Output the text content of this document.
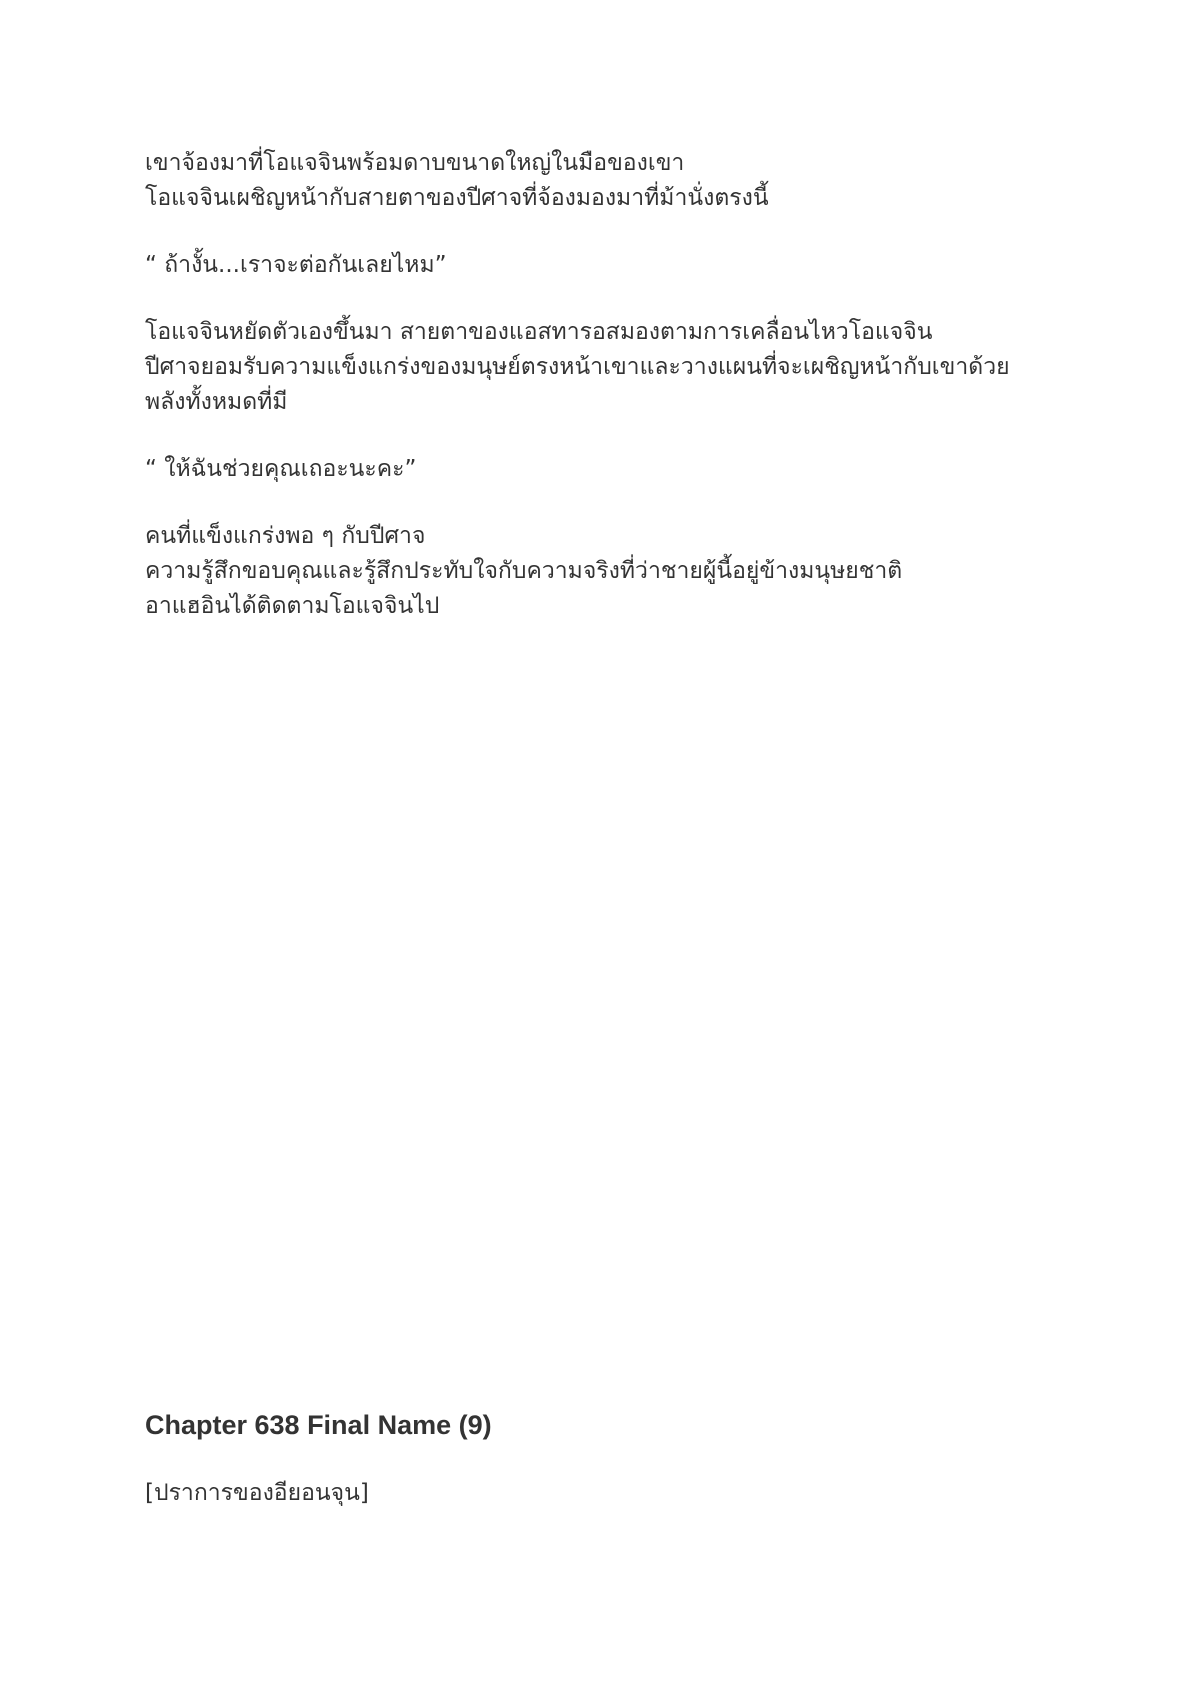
เขาจ้องมาที่โอแจจินพร้อมดาบขนาดใหญ่ในมือของเขา
โอแจจินเผชิญหน้ากับสายตาของปีศาจที่จ้องมองมาที่ม้านั่งตรงนี้

“ ถ้างั้น...เราจะต่อกันเลยไหม”

โอแจจินหยัดตัวเองขึ้นมา สายตาของแอสทารอสมองตามการเคลื่อนไหวโอแจจิน
ปีศาจยอมรับความแข็งแกร่งของมนุษย์ตรงหน้าเขาและวางแผนที่จะเผชิญหน้ากับเขาด้วย
พลังทั้งหมดที่มี

“ ให้ฉันช่วยคุณเถอะนะคะ”

คนที่แข็งแกร่งพอ ๆ กับปีศาจ
ความรู้สึกขอบคุณและรู้สึกประทับใจกับความจริงที่ว่าชายผู้นี้อยู่ข้างมนุษยชาติ
อาแฮอินได้ติดตามโอแจจินไป

Chapter 638 Final Name (9)

[ปราการของอียอนจุน]
